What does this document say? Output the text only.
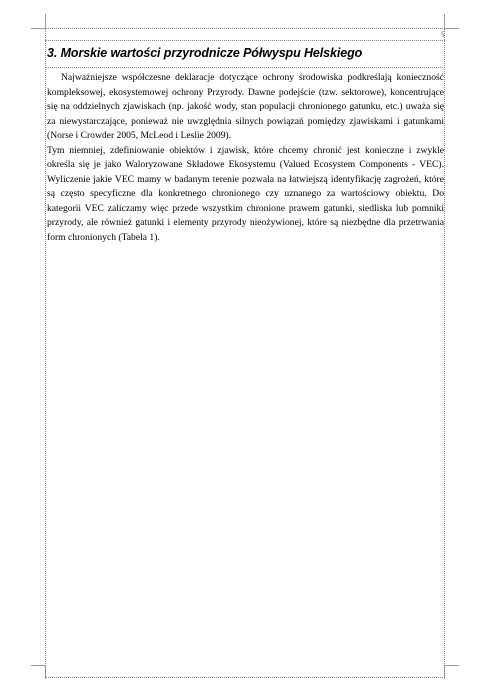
§
3. Morskie wartości przyrodnicze Półwyspu Helskiego

Najważniejsze współczesne deklaracje dotyczące ochrony środowiska podkreślają konieczność kompleksowej, ekosystemowej ochrony Przyrody. Dawne podejście (tzw. sektorowe), koncentrujące się na oddzielnych zjawiskach (np. jakość wody, stan populacji chronionego gatunku, etc.) uważa się za niewystarczające, ponieważ nie uwzględnia silnych powiązań pomiędzy zjawiskami i gatunkami (Norse i Crowder 2005, McLeod i Leslie 2009).

Tym niemniej, zdefiniowanie obiektów i zjawisk, które chcemy chronić jest konieczne i zwykle określa się je jako Waloryzowane Składowe Ekosystemu (Valued Ecosystem Components - VEC). Wyliczenie jakie VEC mamy w badanym terenie pozwala na łatwiejszą identyfikację zagrożeń, które są często specyficzne dla konkretnego chronionego czy uznanego za wartościowy obiektu. Do kategorii VEC zaliczamy więc przede wszystkim chronione prawem gatunki, siedliska lub pomniki przyrody, ale również gatunki i elementy przyrody nieożywionej, które są niezbędne dla przetrwania form chronionych (Tabela 1).
